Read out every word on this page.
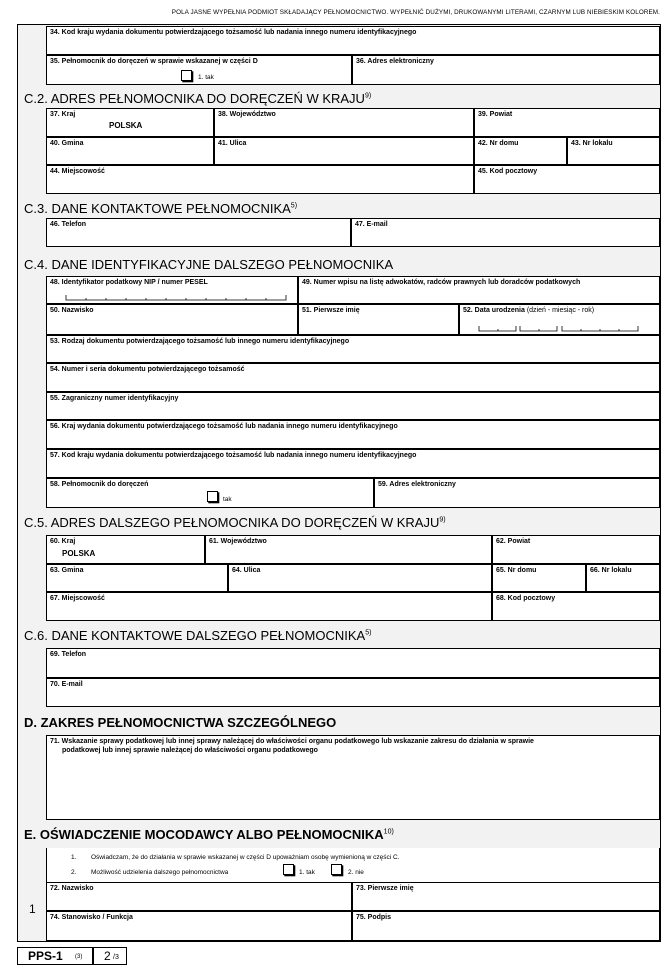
POLA JASNE WYPEŁNIA PODMIOT SKŁADAJĄCY PEŁNOMOCNICTWO. WYPEŁNIĆ DUŻYMI, DRUKOWANYMI LITERAMI, CZARNYM LUB NIEBIESKIM KOLOREM.
34. Kod kraju wydania dokumentu potwierdzającego tożsamość lub nadania innego numeru identyfikacyjnego
35. Pełnomocnik do doręczeń w sprawie wskazanej w części D
1. tak
36. Adres elektroniczny
C.2. ADRES PEŁNOMOCNIKA DO DORĘCZEŃ W KRAJU$^{9)}$
37. Kraj
POLSKA
38. Województwo	39. Powiat
40. Gmina	41. Ulica	42. Nr domu	43. Nr lokalu
44. Miejscowość	45. Kod pocztowy
C.3. DANE KONTAKTOWE PEŁNOMOCNIKA$^{5)}$
46. Telefon	47. E-mail
C.4. DANE IDENTYFIKACYJNE DALSZEGO PEŁNOMOCNIKA
48. Identyfikator podatkowy NIP / numer PESEL	49. Numer wpisu na listę adwokatów, radców prawnych lub doradców podatkowych
50. Nazwisko	51. Pierwsze imię	52. Data urodzenia (dzień - miesiąc - rok)
53. Rodzaj dokumentu potwierdzającego tożsamość lub innego numeru identyfikacyjnego
54. Numer i seria dokumentu potwierdzającego tożsamość
55. Zagraniczny numer identyfikacyjny
56. Kraj wydania dokumentu potwierdzającego tożsamość lub nadania innego numeru identyfikacyjnego
57. Kod kraju wydania dokumentu potwierdzającego tożsamość lub nadania innego numeru identyfikacyjnego
58. Pełnomocnik do doręczeń
tak
59. Adres elektroniczny
C.5. ADRES DALSZEGO PEŁNOMOCNIKA DO DORĘCZEŃ W KRAJU$^{9)}$
60. Kraj
POLSKA
61. Województwo	62. Powiat
63. Gmina	64. Ulica	65. Nr domu	66. Nr lokalu
67. Miejscowość	68. Kod pocztowy
C.6. DANE KONTAKTOWE DALSZEGO PEŁNOMOCNIKA$^{5)}$
69. Telefon
70. E-mail
D. ZAKRES PEŁNOMOCNICTWA SZCZEGÓLNEGO
71. Wskazanie sprawy podatkowej lub innej sprawy należącej do właściwości organu podatkowego lub wskazanie zakresu do działania w sprawie
podatkowej lub innej sprawie należącej do właściwości organu podatkowego
E. OŚWIADCZENIE MOCODAWCY ALBO PEŁNOMOCNIKA$^{10)}$
1. Oświadczam, że do działania w sprawie wskazanej w części D upoważniam osobę wymienioną w części C.
2. Możliwość udzielenia dalszego pełnomocnictwa	1. tak	2. nie
1
72. Nazwisko	73. Pierwsze imię
74. Stanowisko / Funkcja	75. Podpis
PPS-1 (3) 2 /3
